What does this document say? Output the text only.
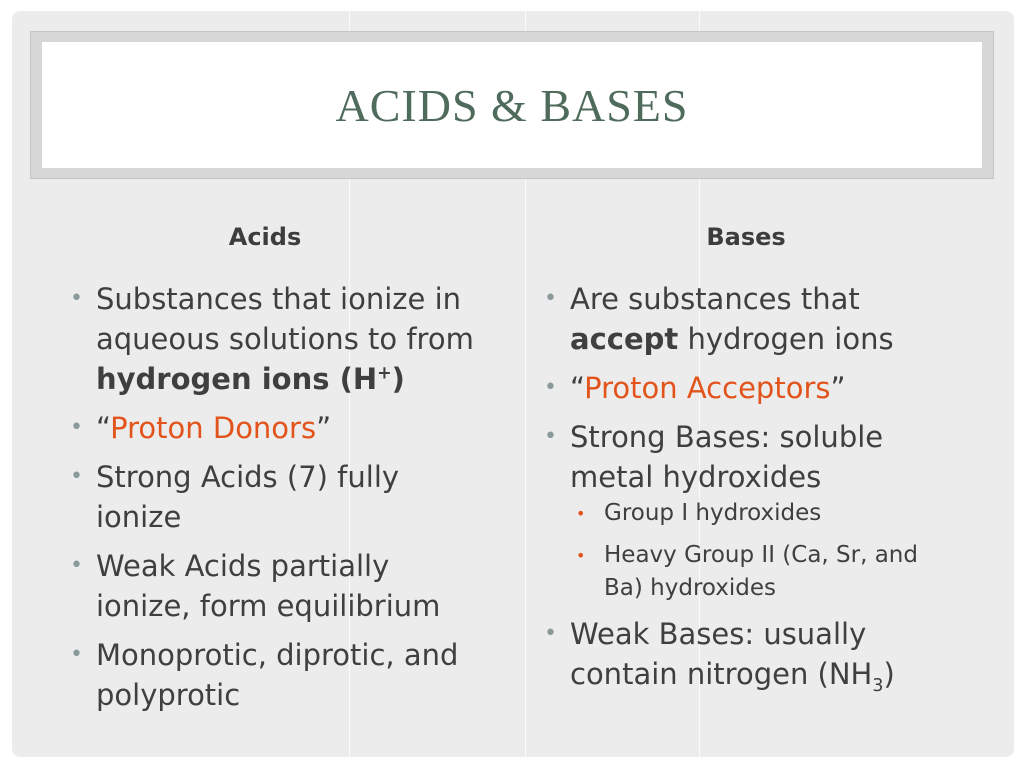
ACIDS & BASES
Acids
• Substances that ionize in aqueous solutions to from hydrogen ions (H+)
• “Proton Donors”
• Strong Acids (7) fully ionize
• Weak Acids partially ionize, form equilibrium
• Monoprotic, diprotic, and polyprotic
Bases
• Are substances that accept hydrogen ions
• “Proton Acceptors”
• Strong Bases: soluble metal hydroxides
• Group I hydroxides
• Heavy Group II (Ca, Sr, and Ba) hydroxides
• Weak Bases: usually contain nitrogen $(NH_3)$
